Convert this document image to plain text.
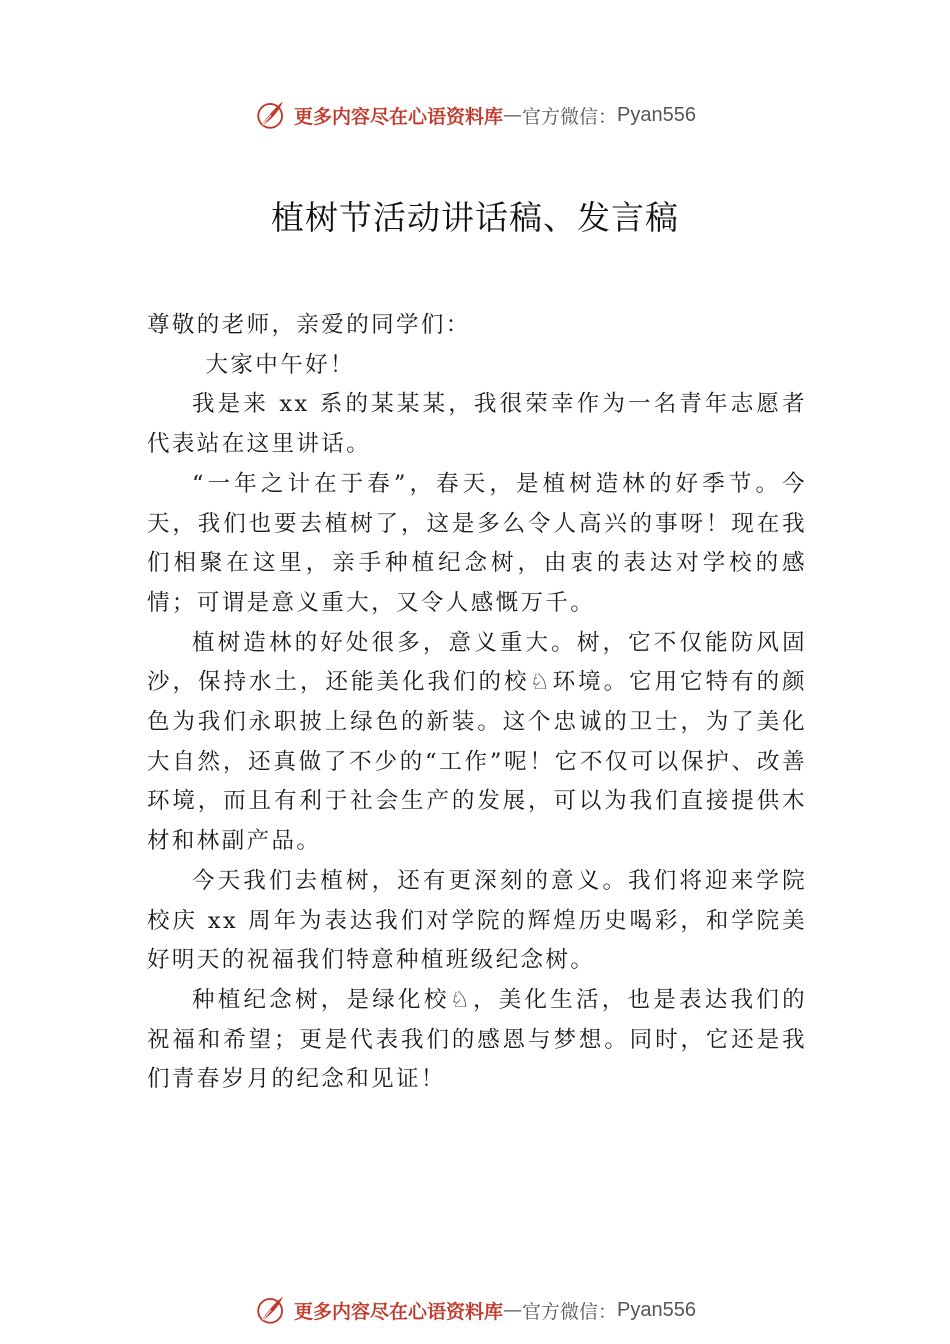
更多内容尽在心语资料库 — 官方微信： Pyan556
植树节活动讲话稿、发言稿

尊敬的老师，亲爱的同学们：

大家中午好！

我是来 xx 系的某某某，我很荣幸作为一名青年志愿者代表站在这里讲话。

“一年之计在于春”，春天，是植树造林的好季节。今天，我们也要去植树了，这是多么令人高兴的事呀！现在我们相聚在这里，亲手种植纪念树，由衷的表达对学校的感情；可谓是意义重大，又令人感慨万千。

植树造林的好处很多，意义重大。树，它不仅能防风固沙，保持水土，还能美化我们的校♘环境。它用它特有的颜色为我们永职披上绿色的新装。这个忠诚的卫士，为了美化大自然，还真做了不少的“工作”呢！它不仅可以保护、改善环境，而且有利于社会生产的发展，可以为我们直接提供木材和林副产品。

今天我们去植树，还有更深刻的意义。我们将迎来学院校庆 xx 周年为表达我们对学院的辉煌历史喝彩，和学院美好明天的祝福我们特意种植班级纪念树。

种植纪念树，是绿化校♘，美化生活，也是表达我们的祝福和希望；更是代表我们的感恩与梦想。同时，它还是我们青春岁月的纪念和见证！

更多内容尽在心语资料库 — 官方微信： Pyan556
